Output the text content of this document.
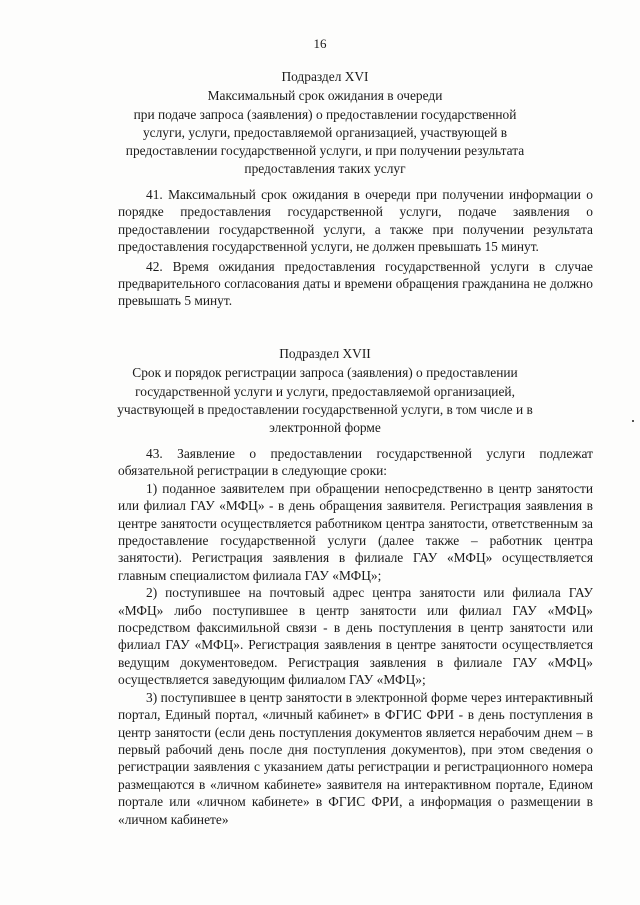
16

Подраздел XVI

Максимальный срок ожидания в очереди

при подаче запроса (заявления) о предоставлении государственной

услуги, услуги, предоставляемой организацией, участвующей в

предоставлении государственной услуги, и при получении результата

предоставления таких услуг

41. Максимальный срок ожидания в очереди при получении информации о порядке предоставления государственной услуги, подаче заявления о предоставлении государственной услуги, а также при получении результата предоставления государственной услуги, не должен превышать 15 минут.

42. Время ожидания предоставления государственной услуги в случае предварительного согласования даты и времени обращения гражданина не должно превышать 5 минут.

Подраздел XVII

Срок и порядок регистрации запроса (заявления) о предоставлении

государственной услуги и услуги, предоставляемой организацией,

участвующей в предоставлении государственной услуги, в том числе и в

электронной форме

43. Заявление о предоставлении государственной услуги подлежат обязательной регистрации в следующие сроки:

1) поданное заявителем при обращении непосредственно в центр занятости или филиал ГАУ «МФЦ» - в день обращения заявителя. Регистрация заявления в центре занятости осуществляется работником центра занятости, ответственным за предоставление государственной услуги (далее также – работник центра занятости). Регистрация заявления в филиале ГАУ «МФЦ» осуществляется главным специалистом филиала ГАУ «МФЦ»;

2) поступившее на почтовый адрес центра занятости или филиала ГАУ «МФЦ» либо поступившее в центр занятости или филиал ГАУ «МФЦ» посредством факсимильной связи - в день поступления в центр занятости или филиал ГАУ «МФЦ». Регистрация заявления в центре занятости осуществляется ведущим документоведом. Регистрация заявления в филиале ГАУ «МФЦ» осуществляется заведующим филиалом ГАУ «МФЦ»;

3) поступившее в центр занятости в электронной форме через интерактивный портал, Единый портал, «личный кабинет» в ФГИС ФРИ - в день поступления в центр занятости (если день поступления документов является нерабочим днем – в первый рабочий день после дня поступления документов), при этом сведения о регистрации заявления с указанием даты регистрации и регистрационного номера размещаются в «личном кабинете» заявителя на интерактивном портале, Едином портале или «личном кабинете» в ФГИС ФРИ, а информация о размещении в «личном кабинете»
